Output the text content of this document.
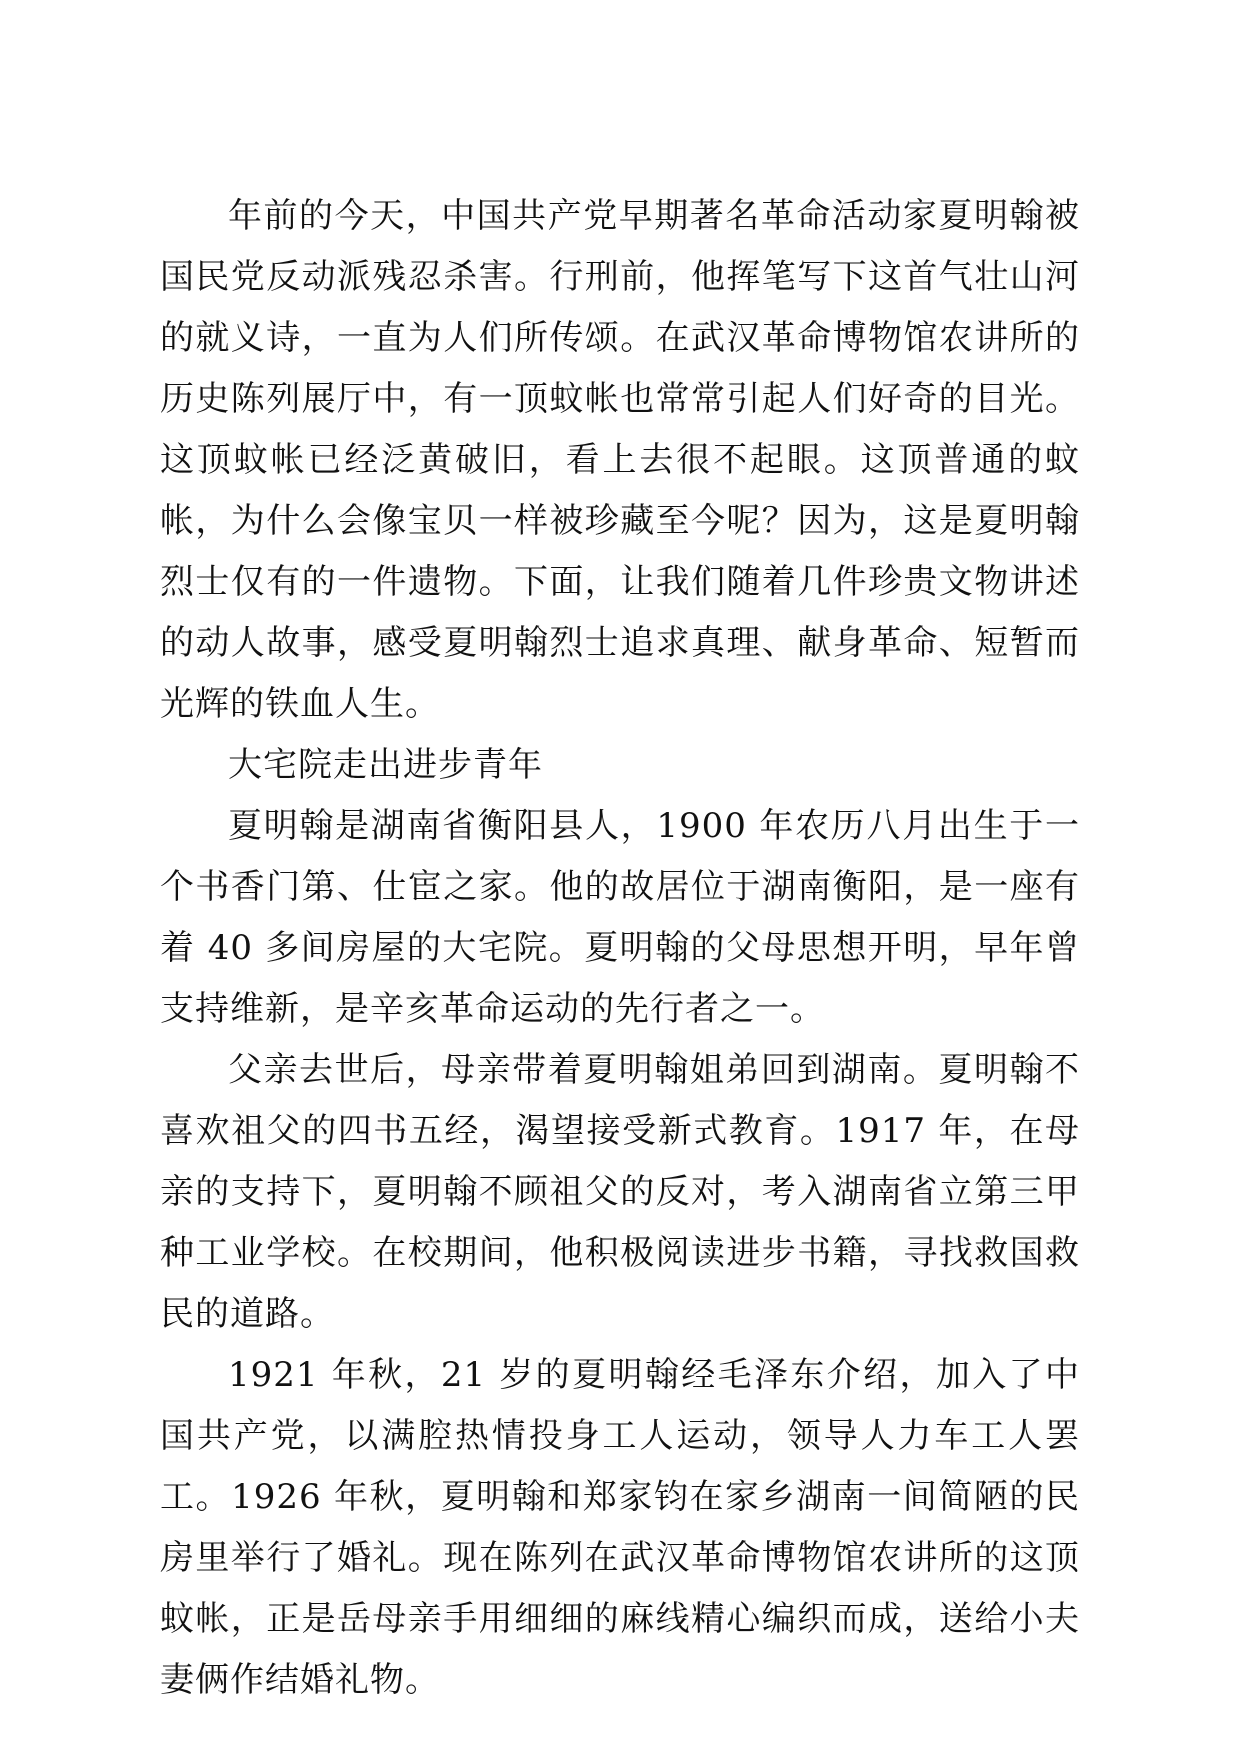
年前的今天，中国共产党早期著名革命活动家夏明翰被国民党反动派残忍杀害。行刑前，他挥笔写下这首气壮山河的就义诗，一直为人们所传颂。在武汉革命博物馆农讲所的历史陈列展厅中，有一顶蚊帐也常常引起人们好奇的目光。这顶蚊帐已经泛黄破旧，看上去很不起眼。这顶普通的蚊帐，为什么会像宝贝一样被珍藏至今呢？因为，这是夏明翰烈士仅有的一件遗物。下面，让我们随着几件珍贵文物讲述的动人故事，感受夏明翰烈士追求真理、献身革命、短暂而光辉的铁血人生。

大宅院走出进步青年

夏明翰是湖南省衡阳县人，1900 年农历八月出生于一个书香门第、仕宦之家。他的故居位于湖南衡阳，是一座有着 40 多间房屋的大宅院。夏明翰的父母思想开明，早年曾支持维新，是辛亥革命运动的先行者之一。

父亲去世后，母亲带着夏明翰姐弟回到湖南。夏明翰不喜欢祖父的四书五经，渴望接受新式教育。1917 年，在母亲的支持下，夏明翰不顾祖父的反对，考入湖南省立第三甲种工业学校。在校期间，他积极阅读进步书籍，寻找救国救民的道路。

1921 年秋，21 岁的夏明翰经毛泽东介绍，加入了中国共产党，以满腔热情投身工人运动，领导人力车工人罢工。1926 年秋，夏明翰和郑家钧在家乡湖南一间简陋的民房里举行了婚礼。现在陈列在武汉革命博物馆农讲所的这顶蚊帐，正是岳母亲手用细细的麻线精心编织而成，送给小夫妻俩作结婚礼物。
